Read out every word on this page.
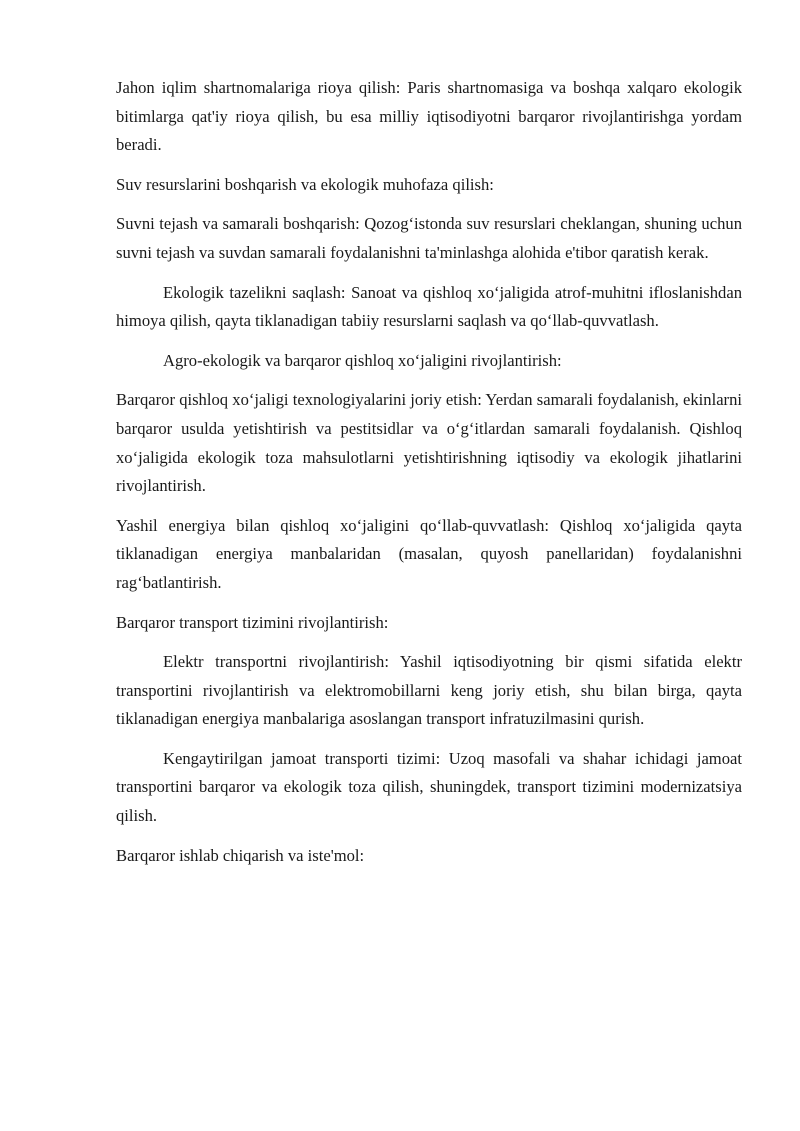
Jahon iqlim shartnomalariga rioya qilish: Paris shartnomasiga va boshqa xalqaro ekologik bitimlarga qat'iy rioya qilish, bu esa milliy iqtisodiyotni barqaror rivojlantirishga yordam beradi.

Suv resurslarini boshqarish va ekologik muhofaza qilish:

Suvni tejash va samarali boshqarish: Qozog‘istonda suv resurslari cheklangan, shuning uchun suvni tejash va suvdan samarali foydalanishni ta'minlashga alohida e'tibor qaratish kerak.

Ekologik tazelikni saqlash: Sanoat va qishloq xo‘jaligida atrof-muhitni ifloslanishdan himoya qilish, qayta tiklanadigan tabiiy resurslarni saqlash va qo‘llab-quvvatlash.

Agro-ekologik va barqaror qishloq xo‘jaligini rivojlantirish:

Barqaror qishloq xo‘jaligi texnologiyalarini joriy etish: Yerdan samarali foydalanish, ekinlarni barqaror usulda yetishtirish va pestitsidlar va o‘g‘itlardan samarali foydalanish. Qishloq xo‘jaligida ekologik toza mahsulotlarni yetishtirishning iqtisodiy va ekologik jihatlarini rivojlantirish.

Yashil energiya bilan qishloq xo‘jaligini qo‘llab-quvvatlash: Qishloq xo‘jaligida qayta tiklanadigan energiya manbalaridan (masalan, quyosh panellaridan) foydalanishni rag‘batlantirish.

Barqaror transport tizimini rivojlantirish:

Elektr transportni rivojlantirish: Yashil iqtisodiyotning bir qismi sifatida elektr transportini rivojlantirish va elektromobillarni keng joriy etish, shu bilan birga, qayta tiklanadigan energiya manbalariga asoslangan transport infratuzilmasini qurish.

Kengaytirilgan jamoat transporti tizimi: Uzoq masofali va shahar ichidagi jamoat transportini barqaror va ekologik toza qilish, shuningdek, transport tizimini modernizatsiya qilish.

Barqaror ishlab chiqarish va iste'mol:
